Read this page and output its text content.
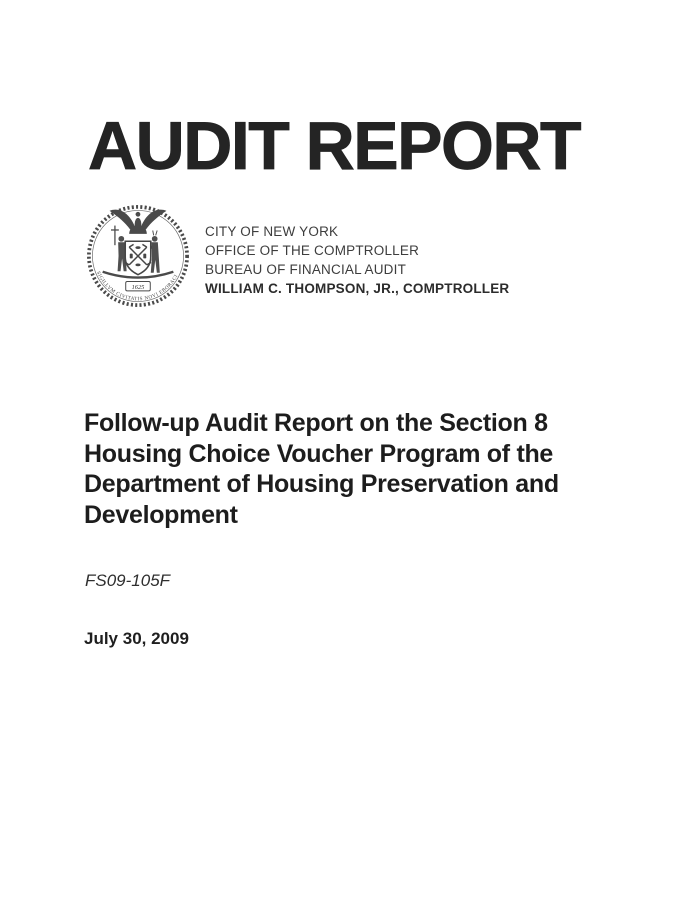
AUDIT REPORT
1625
SIGILLVM CIVITATIS NOVI EBORACI
CITY OF NEW YORK
OFFICE OF THE COMPTROLLER
BUREAU OF FINANCIAL AUDIT
WILLIAM C. THOMPSON, JR., COMPTROLLER
Follow-up Audit Report on the Section 8
Housing Choice Voucher Program of the
Department of Housing Preservation and
Development
FS09-105F
July 30, 2009
